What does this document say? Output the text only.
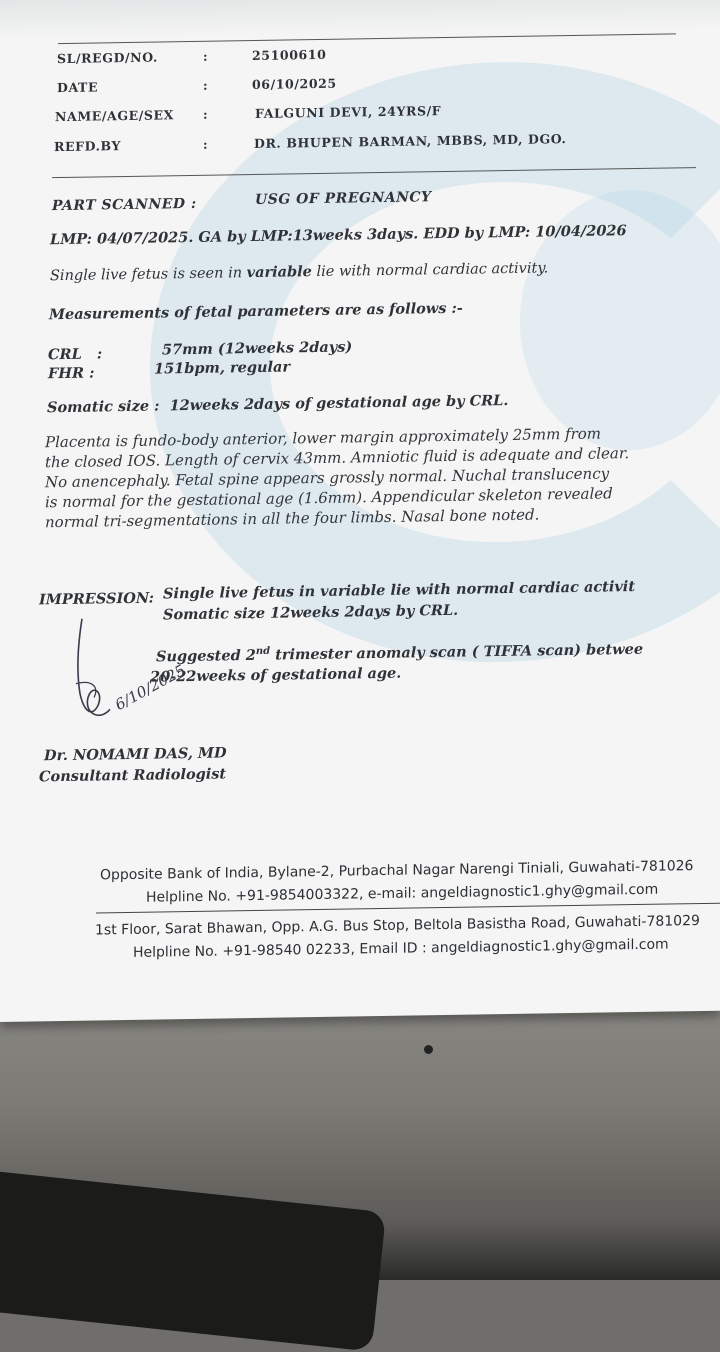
SL/REGD/NO.	:	25100610
DATE	:	06/10/2025
NAME/AGE/SEX :	FALGUNI DEVI, 24YRS/F
REFD.BY	:	DR. BHUPEN BARMAN, MBBS, MD, DGO.
PART SCANNED :	USG OF PREGNANCY
LMP: 04/07/2025. GA by LMP:13weeks 3days. EDD by LMP: 10/04/2026
Single live fetus is seen in variable lie with normal cardiac activity.
Measurements of fetal parameters are as follows :-
CRL   :	57mm (12weeks 2days)
FHR :	151bpm, regular
Somatic size :  12weeks 2days of gestational age by CRL.
Placenta is fundo-body anterior, lower margin approximately 25mm from
the closed IOS. Length of cervix 43mm. Amniotic fluid is adequate and clear.
No anencephaly. Fetal spine appears grossly normal. Nuchal translucency
is normal for the gestational age (1.6mm). Appendicular skeleton revealed
normal tri-segmentations in all the four limbs. Nasal bone noted.
IMPRESSION: Single live fetus in variable lie with normal cardiac activit
Somatic size 12weeks 2days by CRL.
Suggested 2nd trimester anomaly scan ( TIFFA scan) betwee
20-22weeks of gestational age.
6/10/2025.
Dr. NOMAMI DAS, MD
Consultant Radiologist
Opposite Bank of India, Bylane-2, Purbachal Nagar Narengi Tiniali, Guwahati-781026
Helpline No. +91-9854003322, e-mail: angeldiagnostic1.ghy@gmail.com
1st Floor, Sarat Bhawan, Opp. A.G. Bus Stop, Beltola Basistha Road, Guwahati-781029
Helpline No. +91-98540 02233, Email ID : angeldiagnostic1.ghy@gmail.com
